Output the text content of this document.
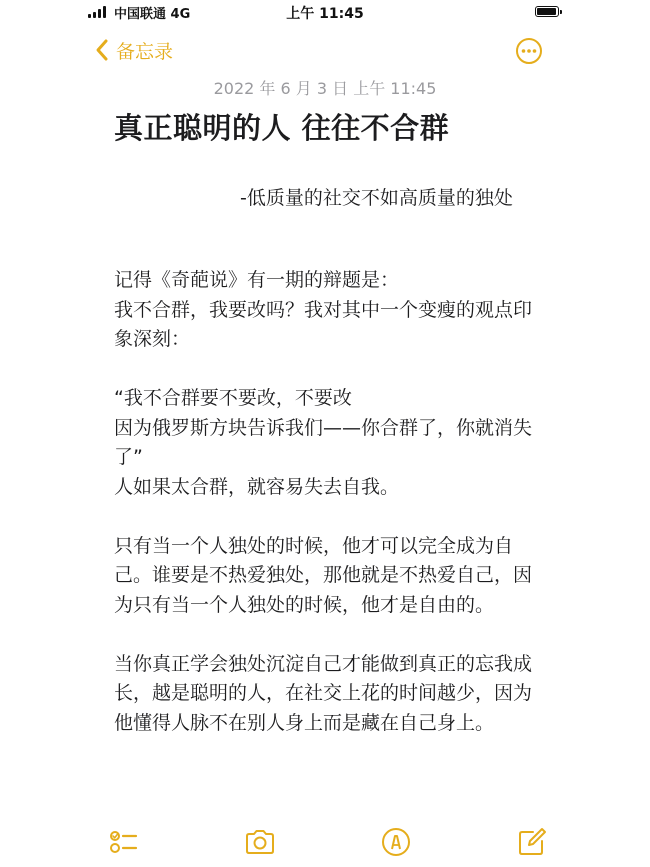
中国联通 4G	上午 11:45
备忘录
2022 年 6 月 3 日 上午 11:45
真正聪明的人 往往不合群
-低质量的社交不如高质量的独处

记得《奇葩说》有一期的辩题是：
我不合群，我要改吗？我对其中一个变瘦的观点印象深刻：

“我不合群要不要改，不要改
因为俄罗斯方块告诉我们——你合群了，你就消失了”
人如果太合群，就容易失去自我。

只有当一个人独处的时候，他才可以完全成为自己。谁要是不热爱独处，那他就是不热爱自己，因为只有当一个人独处的时候，他才是自由的。

当你真正学会独处沉淀自己才能做到真正的忘我成长，越是聪明的人，在社交上花的时间越少，因为他懂得人脉不在别人身上而是藏在自己身上。
